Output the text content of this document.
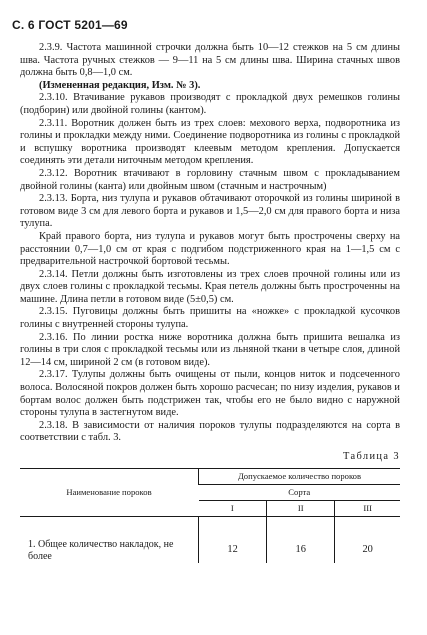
С. 6 ГОСТ 5201—69

2.3.9. Частота машинной строчки должна быть 10—12 стежков на 5 см длины шва. Частота ручных стежков — 9—11 на 5 см длины шва. Ширина стачных швов должна быть 0,8—1,0 см.

(Измененная редакция, Изм. № 3).

2.3.10. Втачивание рукавов производят с прокладкой двух ремешков голины (подборин) или двойной голины (кантом).

2.3.11. Воротник должен быть из трех слоев: мехового верха, подворотника из голины и прокладки между ними. Соединение подворотника из голины с прокладкой и вспушку воротника производят клеевым методом крепления. Допускается соединять эти детали ниточным методом крепления.

2.3.12. Воротник втачивают в горловину стачным швом с прокладыванием двойной голины (канта) или двойным швом (стачным и настрочным)

2.3.13. Борта, низ тулупа и рукавов обтачивают оторочкой из голины шириной в готовом виде 3 см для левого борта и рукавов и 1,5—2,0 см для правого борта и низа тулупа.

Край правого борта, низ тулупа и рукавов могут быть прострочены сверху на расстоянии 0,7—1,0 см от края с подгибом подстриженного края на 1—1,5 см с предварительной настрочкой бортовой тесьмы.

2.3.14. Петли должны быть изготовлены из трех слоев прочной голины или из двух слоев голины с прокладкой тесьмы. Края петель должны быть простроченны на машине. Длина петли в готовом виде (5±0,5) см.

2.3.15. Пуговицы должны быть пришиты на «ножке» с прокладкой кусочков голины с внутренней стороны тулупа.

2.3.16. По линии ростка ниже воротника должна быть пришита вешалка из голины в три слоя с прокладкой тесьмы или из льняной ткани в четыре слоя, длиной 12—14 см, шириной 2 см (в готовом виде).

2.3.17. Тулупы должны быть очищены от пыли, концов ниток и подсеченного волоса. Волосяной покров должен быть хорошо расчесан; по низу изделия, рукавов и бортам волос должен быть подстрижен так, чтобы его не было видно с наружной стороны тулупа в застегнутом виде.

2.3.18. В зависимости от наличия пороков тулупы подразделяются на сорта в соответствии с табл. 3.

Таблица 3
Наименование пороков	Допускаемое количество пороков		
	Сорта		
	I	II	III
1. Общее количество накладок, не более	12	16	20
